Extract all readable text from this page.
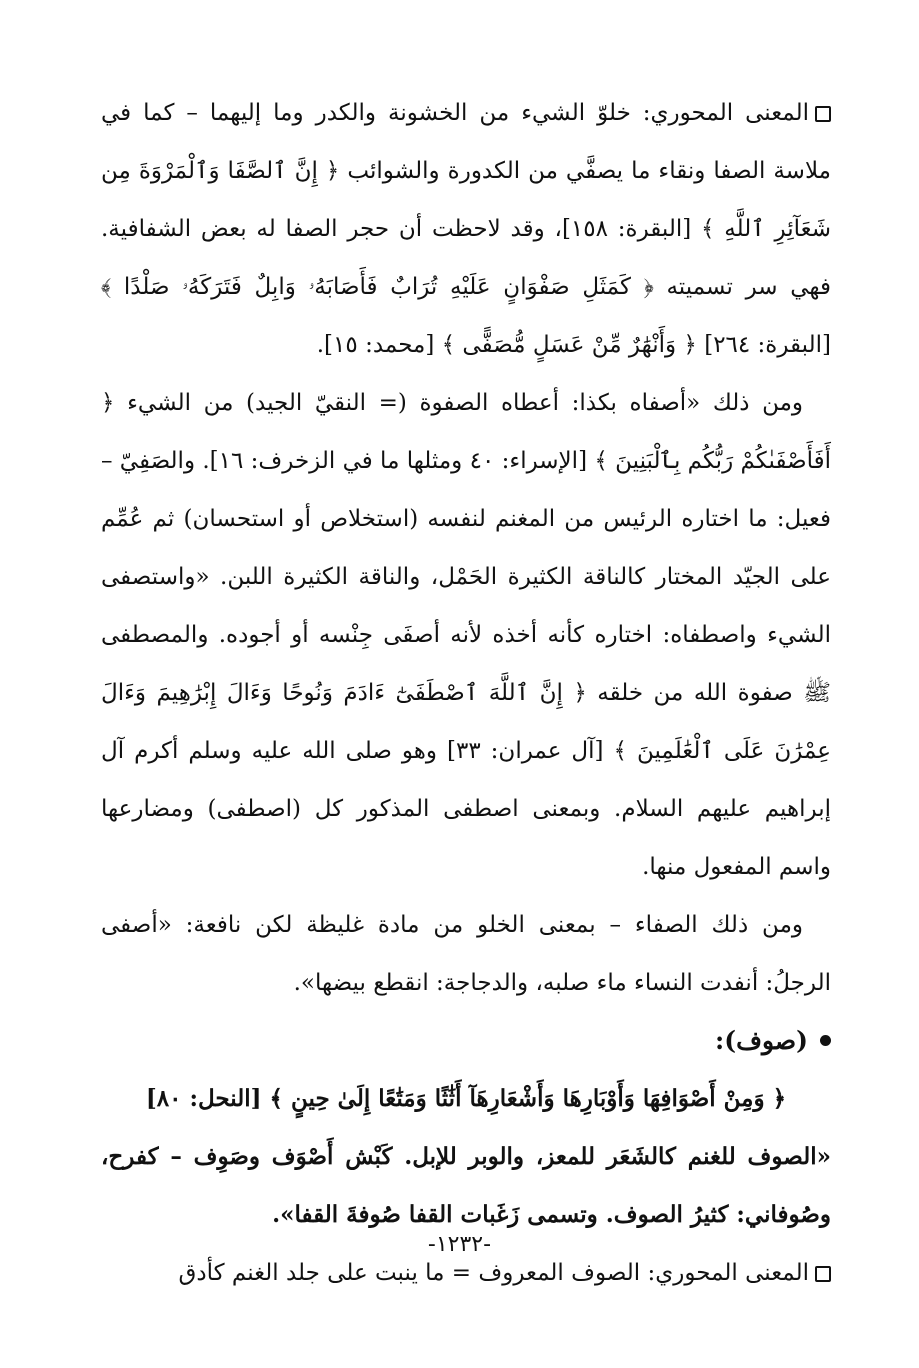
المعنى المحوري: خلوّ الشيء من الخشونة والكدر وما إليهما – كما في ملاسة الصفا ونقاء ما يصفَّي من الكدورة والشوائب ﴿ إِنَّ ٱلصَّفَا وَٱلْمَرْوَةَ مِن شَعَآئِرِ ٱللَّهِ ﴾ [البقرة: ١٥٨]، وقد لاحظت أن حجر الصفا له بعض الشفافية. فهي سر تسميته ﴿ كَمَثَلِ صَفْوَانٍ عَلَيْهِ تُرَابٌ فَأَصَابَهُۥ وَابِلٌ فَتَرَكَهُۥ صَلْدًا ﴾ [البقرة: ٢٦٤] ﴿ وَأَنْهَٰرٌ مِّنْ عَسَلٍ مُّصَفًّى ﴾ [محمد: ١٥].

ومن ذلك «أصفاه بكذا: أعطاه الصفوة (= النقيّ الجيد) من الشيء ﴿ أَفَأَصْفَىٰكُمْ رَبُّكُم بِٱلْبَنِينَ ﴾ [الإسراء: ٤٠ ومثلها ما في الزخرف: ١٦]. والصَفِيّ – فعيل: ما اختاره الرئيس من المغنم لنفسه (استخلاص أو استحسان) ثم عُمِّم على الجيّد المختار كالناقة الكثيرة الحَمْل، والناقة الكثيرة اللبن. «واستصفى الشيء واصطفاه: اختاره كأنه أخذه لأنه أصفَى جِنْسه أو أجوده. والمصطفى ﷺ صفوة الله من خلقه ﴿ إِنَّ ٱللَّهَ ٱصْطَفَىٰٓ ءَادَمَ وَنُوحًا وَءَالَ إِبْرَٰهِيمَ وَءَالَ عِمْرَٰنَ عَلَى ٱلْعَٰلَمِينَ ﴾ [آل عمران: ٣٣] وهو صلى الله عليه وسلم أكرم آل إبراهيم عليهم السلام. وبمعنى اصطفى المذكور كل (اصطفى) ومضارعها واسم المفعول منها.

ومن ذلك الصفاء – بمعنى الخلو من مادة غليظة لكن نافعة: «أصفى الرجلُ: أنفدت النساء ماء صلبه، والدجاجة: انقطع بيضها».

(صوف):

﴿ وَمِنْ أَصْوَافِهَا وَأَوْبَارِهَا وَأَشْعَارِهَآ أَثَٰثًا وَمَتَٰعًا إِلَىٰ حِينٍ ﴾ [النحل: ٨٠]

«الصوف للغنم كالشَعَر للمعز، والوبر للإبل. كَبْش أَصْوَف وصَوِف – كفرح، وصُوفاني: كثيرُ الصوف. وتسمى زَغَبات القفا صُوفةَ القفا».

المعنى المحوري: الصوف المعروف = ما ينبت على جلد الغنم كأدق

-١٢٣٢-
